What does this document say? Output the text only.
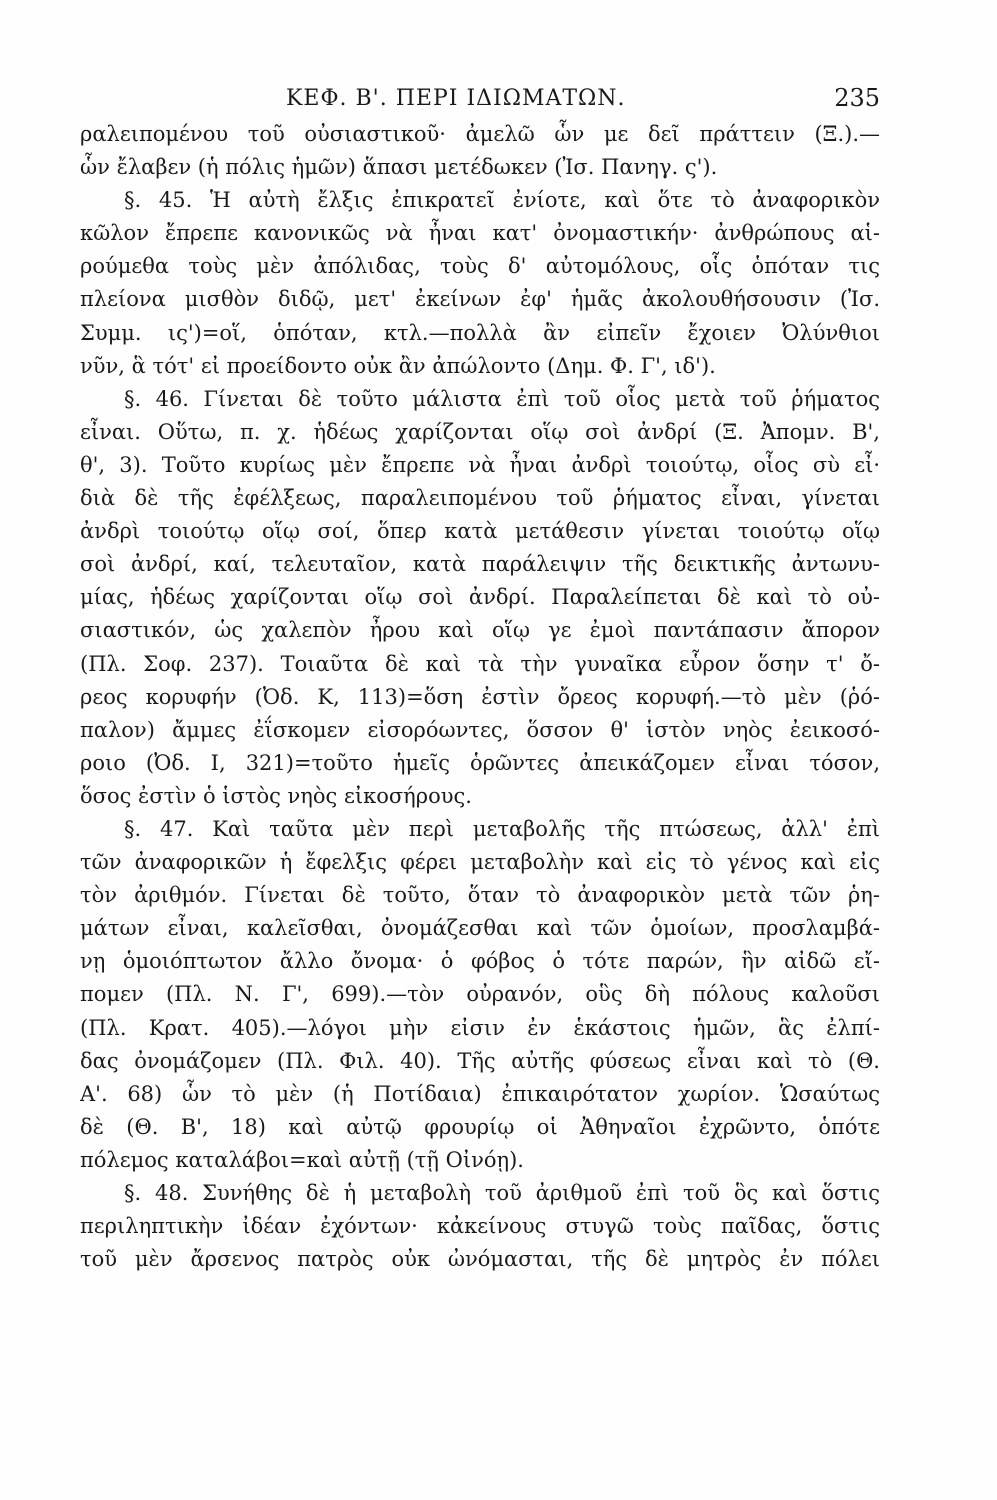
ΚΕΦ. Β'. ΠΕΡΙ ΙΔΙΩΜΑΤΩΝ.	235
ραλειπομένου τοῦ οὐσιαστικοῦ· ἀμελῶ ὧν με δεῖ πράττειν (Ξ.).—
ὧν ἔλαβεν (ἡ πόλις ἡμῶν) ἅπασι μετέδωκεν (Ἰσ. Πανηγ. ς').
§. 45. Ἡ αὐτὴ ἔλξις ἐπικρατεῖ ἐνίοτε, καὶ ὅτε τὸ ἀναφορικὸν
κῶλον ἔπρεπε κανονικῶς νὰ ἦναι κατ' ὀνομαστικήν· ἀνθρώπους αἱ-
ρούμεθα τοὺς μὲν ἀπόλιδας, τοὺς δ' αὐτομόλους, οἷς ὁπόταν τις
πλείονα μισθὸν διδῷ, μετ' ἐκείνων ἐφ' ἡμᾶς ἀκολουθήσουσιν (Ἰσ.
Συμμ. ις')=οἵ, ὁπόταν, κτλ.—πολλὰ ἂν εἰπεῖν ἔχοιεν Ὀλύνθιοι
νῦν, ἃ τότ' εἰ προείδοντο οὐκ ἂν ἀπώλοντο (Δημ. Φ. Γ', ιδ').
§. 46. Γίνεται δὲ τοῦτο μάλιστα ἐπὶ τοῦ οἷος μετὰ τοῦ ῥήματος
εἶναι. Οὕτω, π. χ. ἡδέως χαρίζονται οἵῳ σοὶ ἀνδρί (Ξ. Ἀπομν. Β',
θ', 3). Τοῦτο κυρίως μὲν ἔπρεπε νὰ ἦναι ἀνδρὶ τοιούτῳ, οἷος σὺ εἶ·
διὰ δὲ τῆς ἐφέλξεως, παραλειπομένου τοῦ ῥήματος εἶναι, γίνεται
ἀνδρὶ τοιούτῳ οἵῳ σοί, ὅπερ κατὰ μετάθεσιν γίνεται τοιούτῳ οἵῳ
σοὶ ἀνδρί, καί, τελευταῖον, κατὰ παράλειψιν τῆς δεικτικῆς ἀντωνυ-
μίας, ἡδέως χαρίζονται οἵῳ σοὶ ἀνδρί. Παραλείπεται δὲ καὶ τὸ οὐ-
σιαστικόν, ὡς χαλεπὸν ἦρου καὶ οἵῳ γε ἐμοὶ παντάπασιν ἄπορον
(Πλ. Σοφ. 237). Τοιαῦτα δὲ καὶ τὰ τὴν γυναῖκα εὗρον ὅσην τ' ὄ-
ρεος κορυφήν (Ὀδ. Κ, 113)=ὅση ἐστὶν ὄρεος κορυφή.—τὸ μὲν (ῥό-
παλον) ἄμμες ἐΐσκομεν εἰσορόωντες, ὅσσον θ' ἱστὸν νηὸς ἐεικοσό-
ροιο (Ὀδ. Ι, 321)=τοῦτο ἡμεῖς ὁρῶντες ἀπεικάζομεν εἶναι τόσον,
ὅσος ἐστὶν ὁ ἱστὸς νηὸς εἰκοσήρους.
§. 47. Καὶ ταῦτα μὲν περὶ μεταβολῆς τῆς πτώσεως, ἀλλ' ἐπὶ
τῶν ἀναφορικῶν ἡ ἔφελξις φέρει μεταβολὴν καὶ εἰς τὸ γένος καὶ εἰς
τὸν ἀριθμόν. Γίνεται δὲ τοῦτο, ὅταν τὸ ἀναφορικὸν μετὰ τῶν ῥη-
μάτων εἶναι, καλεῖσθαι, ὀνομάζεσθαι καὶ τῶν ὁμοίων, προσλαμβά-
νῃ ὁμοιόπτωτον ἄλλο ὄνομα· ὁ φόβος ὁ τότε παρών, ἣν αἰδῶ εἴ-
πομεν (Πλ. Ν. Γ', 699).—τὸν οὐρανόν, οὓς δὴ πόλους καλοῦσι
(Πλ. Κρατ. 405).—λόγοι μὴν εἰσιν ἐν ἑκάστοις ἡμῶν, ἃς ἐλπί-
δας ὀνομάζομεν (Πλ. Φιλ. 40). Τῆς αὐτῆς φύσεως εἶναι καὶ τὸ (Θ.
Α'. 68) ὧν τὸ μὲν (ἡ Ποτίδαια) ἐπικαιρότατον χωρίον. Ὡσαύτως
δὲ (Θ. Β', 18) καὶ αὐτῷ φρουρίῳ οἱ Ἀθηναῖοι ἐχρῶντο, ὁπότε
πόλεμος καταλάβοι=καὶ αὐτῇ (τῇ Οἰνόῃ).
§. 48. Συνήθης δὲ ἡ μεταβολὴ τοῦ ἀριθμοῦ ἐπὶ τοῦ ὃς καὶ ὅστις
περιληπτικὴν ἰδέαν ἐχόντων· κἀκείνους στυγῶ τοὺς παῖδας, ὅστις
τοῦ μὲν ἄρσενος πατρὸς οὐκ ὠνόμασται, τῆς δὲ μητρὸς ἐν πόλει
